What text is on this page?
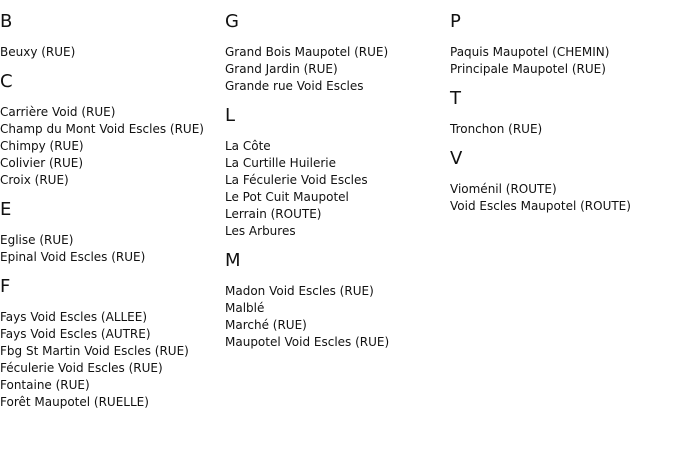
B
Beuxy (RUE)
C
Carrière Void (RUE)
Champ du Mont Void Escles (RUE)
Chimpy (RUE)
Colivier (RUE)
Croix (RUE)
E
Eglise (RUE)
Epinal Void Escles (RUE)
F
Fays Void Escles (ALLEE)
Fays Void Escles (AUTRE)
Fbg St Martin Void Escles (RUE)
Féculerie Void Escles (RUE)
Fontaine (RUE)
Forêt Maupotel (RUELLE)
G
Grand Bois Maupotel (RUE)
Grand Jardin (RUE)
Grande rue Void Escles
L
La Côte
La Curtille Huilerie
La Féculerie Void Escles
Le Pot Cuit Maupotel
Lerrain (ROUTE)
Les Arbures
M
Madon Void Escles (RUE)
Malblé
Marché (RUE)
Maupotel Void Escles (RUE)
P
Paquis Maupotel (CHEMIN)
Principale Maupotel (RUE)
T
Tronchon (RUE)
V
Vioménil (ROUTE)
Void Escles Maupotel (ROUTE)
